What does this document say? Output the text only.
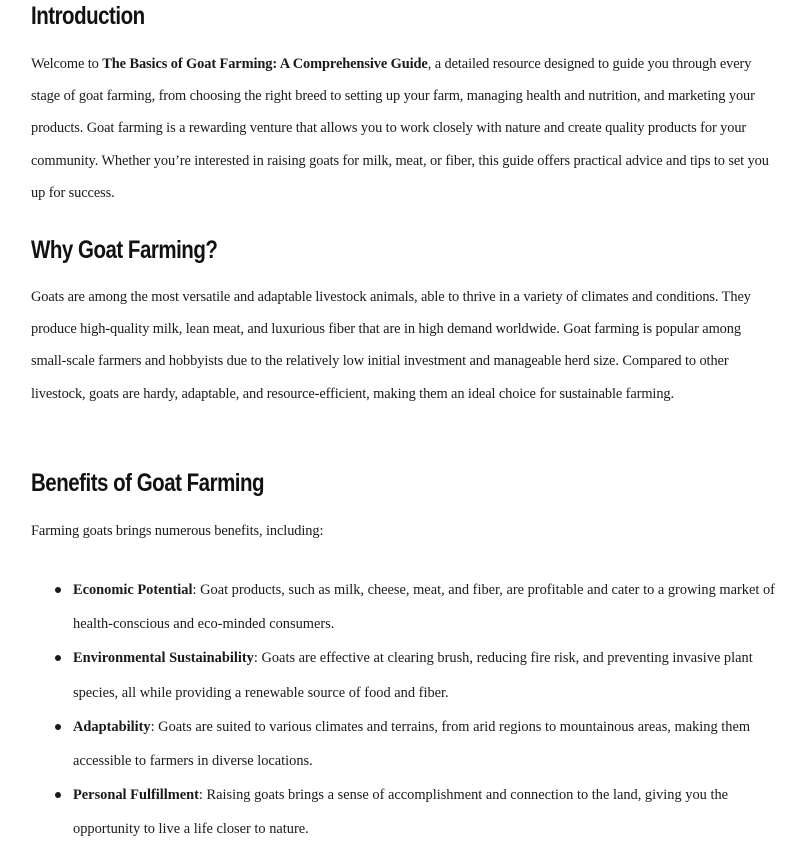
Introduction

Welcome to The Basics of Goat Farming: A Comprehensive Guide, a detailed resource designed to guide you through every stage of goat farming, from choosing the right breed to setting up your farm, managing health and nutrition, and marketing your products. Goat farming is a rewarding venture that allows you to work closely with nature and create quality products for your community. Whether you’re interested in raising goats for milk, meat, or fiber, this guide offers practical advice and tips to set you up for success.

Why Goat Farming?

Goats are among the most versatile and adaptable livestock animals, able to thrive in a variety of climates and conditions. They produce high-quality milk, lean meat, and luxurious fiber that are in high demand worldwide. Goat farming is popular among small-scale farmers and hobbyists due to the relatively low initial investment and manageable herd size. Compared to other livestock, goats are hardy, adaptable, and resource-efficient, making them an ideal choice for sustainable farming.

Benefits of Goat Farming

Farming goats brings numerous benefits, including:

Economic Potential: Goat products, such as milk, cheese, meat, and fiber, are profitable and cater to a growing market of health-conscious and eco-minded consumers.
Environmental Sustainability: Goats are effective at clearing brush, reducing fire risk, and preventing invasive plant species, all while providing a renewable source of food and fiber.
Adaptability: Goats are suited to various climates and terrains, from arid regions to mountainous areas, making them accessible to farmers in diverse locations.
Personal Fulfillment: Raising goats brings a sense of accomplishment and connection to the land, giving you the opportunity to live a life closer to nature.
